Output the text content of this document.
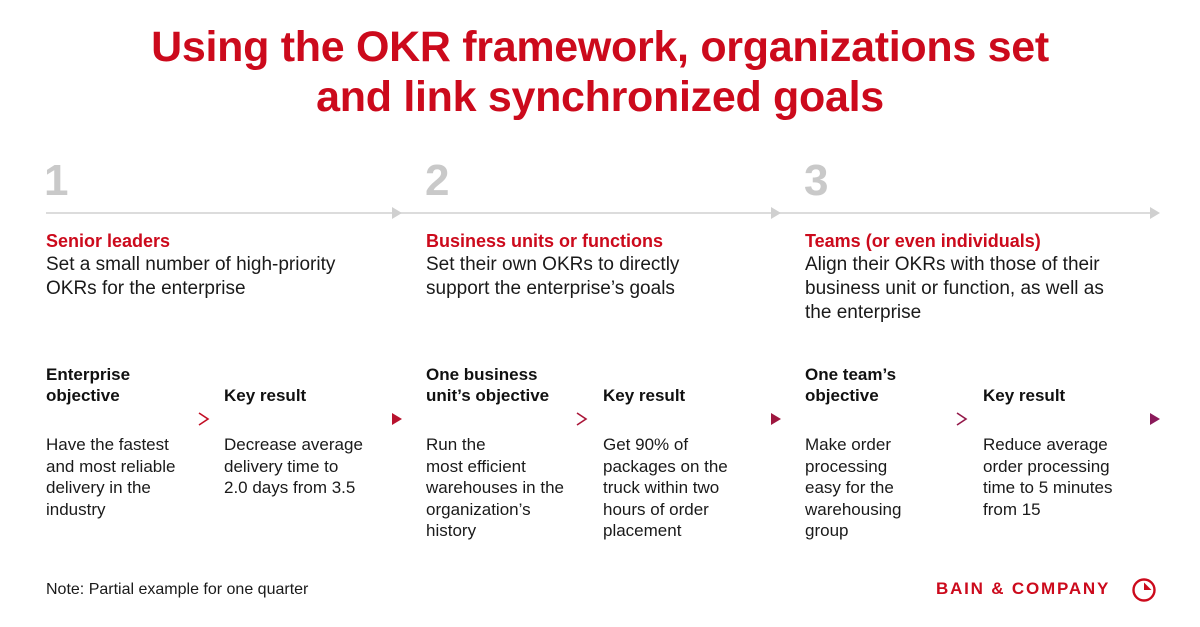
Using the OKR framework, organizations set
and link synchronized goals
1
Senior leaders
Set a small number of high-priority
OKRs for the enterprise
2
Business units or functions
Set their own OKRs to directly
support the enterprise’s goals
3
Teams (or even individuals)
Align their OKRs with those of their
business unit or function, as well as
the enterprise
Enterprise
objective	Key result
One business
unit’s objective	Key result
One team’s
objective	Key result
Have the fastest
and most reliable
delivery in the
industry
Decrease average
delivery time to
2.0 days from 3.5
Run the
most efficient
warehouses in the
organization’s
history
Get 90% of
packages on the
truck within two
hours of order
placement
Make order
processing
easy for the
warehousing
group
Reduce average
order processing
time to 5 minutes
from 15
Note: Partial example for one quarter	BAIN & COMPANY
